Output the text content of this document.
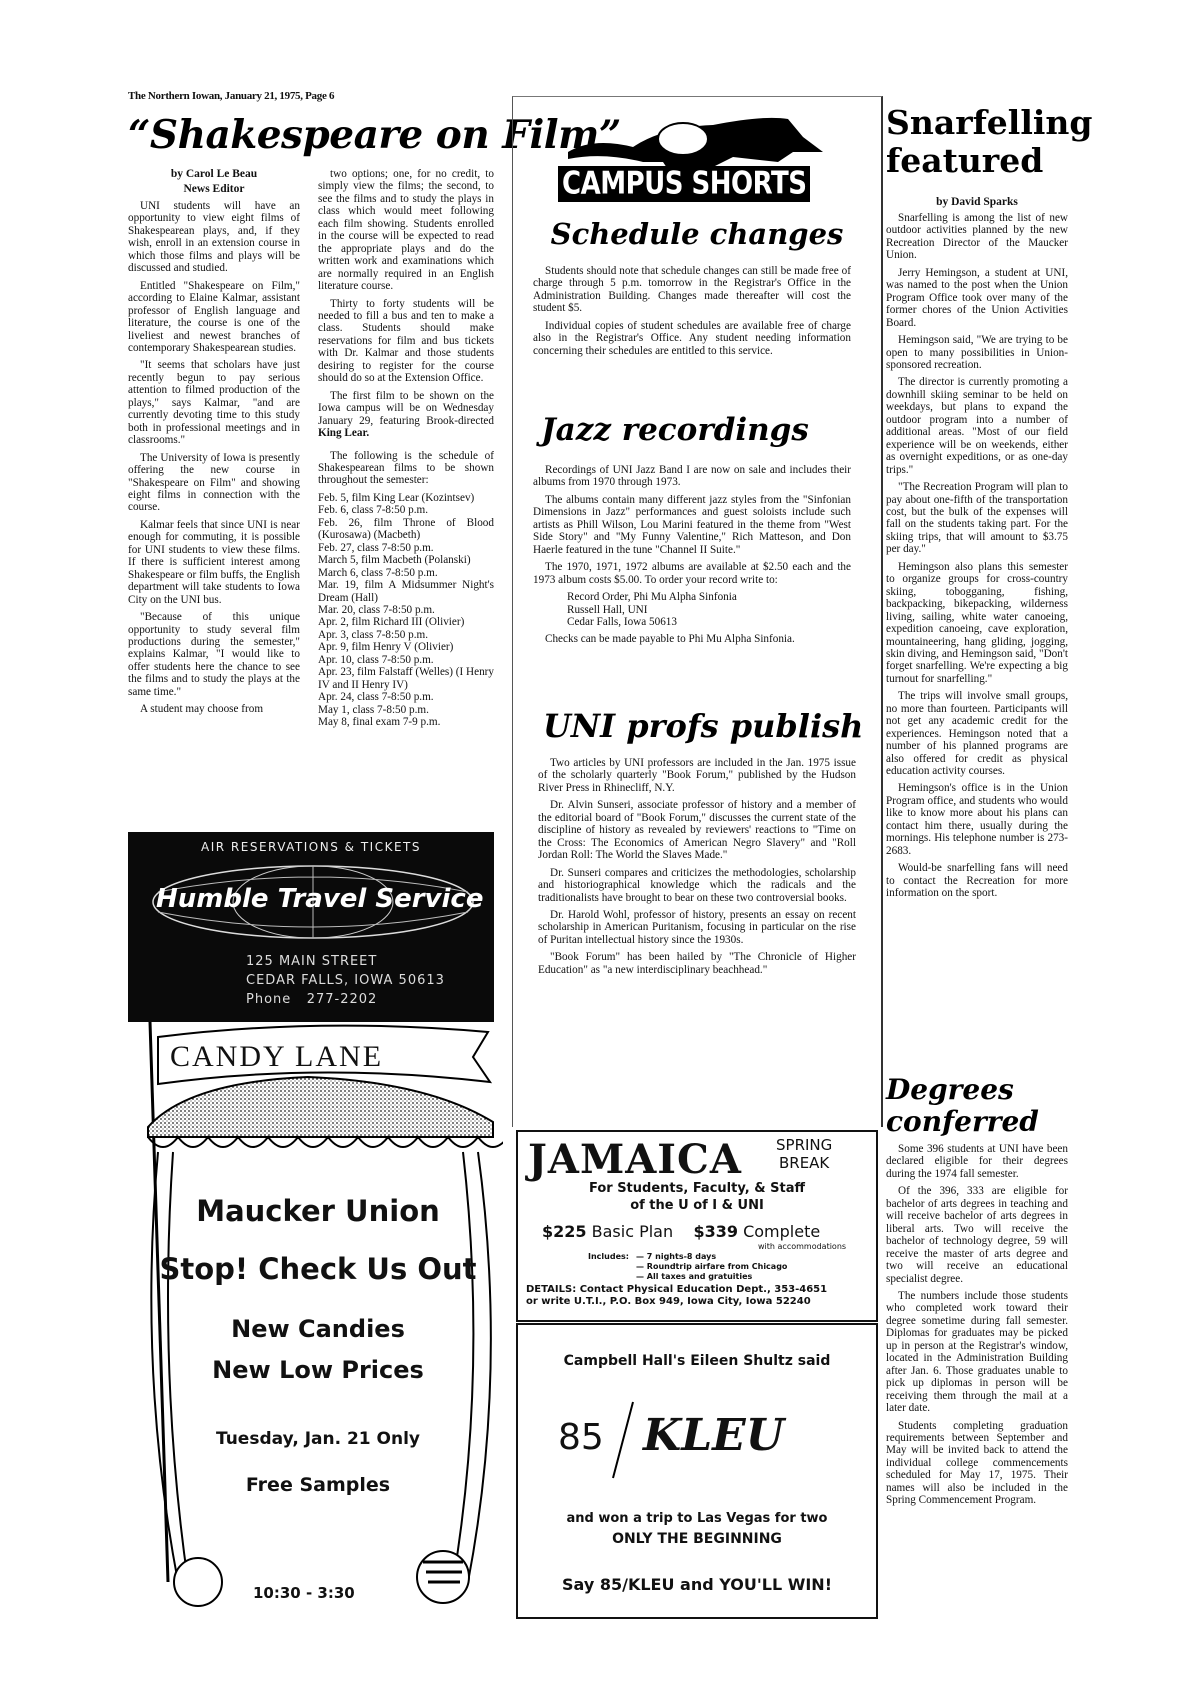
The Northern Iowan, January 21, 1975, Page 6
“Shakespeare on Film”
by Carol Le Beau
News Editor

UNI students will have an opportunity to view eight films of Shakespearean plays, and, if they wish, enroll in an extension course in which those films and plays will be discussed and studied.

Entitled "Shakespeare on Film," according to Elaine Kalmar, assistant professor of English language and literature, the course is one of the liveliest and newest branches of contemporary Shakespearean studies.

"It seems that scholars have just recently begun to pay serious attention to filmed production of the plays," says Kalmar, "and are currently devoting time to this study both in professional meetings and in classrooms."

The University of Iowa is presently offering the new course in "Shakespeare on Film" and showing eight films in connection with the course.

Kalmar feels that since UNI is near enough for commuting, it is possible for UNI students to view these films. If there is sufficient interest among Shakespeare or film buffs, the English department will take students to Iowa City on the UNI bus.

"Because of this unique opportunity to study several film productions during the semester," explains Kalmar, "I would like to offer students here the chance to see the films and to study the plays at the same time."

A student may choose from

two options; one, for no credit, to simply view the films; the second, to see the films and to study the plays in class which would meet following each film showing. Students enrolled in the course will be expected to read the appropriate plays and do the written work and examinations which are normally required in an English literature course.

Thirty to forty students will be needed to fill a bus and ten to make a class. Students should make reservations for film and bus tickets with Dr. Kalmar and those students desiring to register for the course should do so at the Extension Office.

The first film to be shown on the Iowa campus will be on Wednesday January 29, featuring Brook-directed King Lear.

The following is the schedule of Shakespearean films to be shown throughout the semester:

Feb. 5, film King Lear (Kozintsev)

Feb. 6, class 7-8:50 p.m.

Feb. 26, film Throne of Blood (Kurosawa) (Macbeth)

Feb. 27, class 7-8:50 p.m.

March 5, film Macbeth (Polanski)

March 6, class 7-8:50 p.m.

Mar. 19, film A Midsummer Night's Dream (Hall)

Mar. 20, class 7-8:50 p.m.

Apr. 2, film Richard III (Olivier)

Apr. 3, class 7-8:50 p.m.

Apr. 9, film Henry V (Olivier)

Apr. 10, class 7-8:50 p.m.

Apr. 23, film Falstaff (Welles) (I Henry IV and II Henry IV)

Apr. 24, class 7-8:50 p.m.

May 1, class 7-8:50 p.m.

May 8, final exam 7-9 p.m.

AIR RESERVATIONS & TICKETS
Humble Travel Service
125 MAIN STREET
CEDAR FALLS, IOWA 50613
Phone 277-2202
CANDY LANE
Maucker Union
Stop! Check Us Out
New Candies
New Low Prices
Tuesday, Jan. 21 Only
Free Samples
10:30 - 3:30
CAMPUS SHORTS
Schedule changes

Students should note that schedule changes can still be made free of charge through 5 p.m. tomorrow in the Registrar's Office in the Administration Building. Changes made thereafter will cost the student $5.

Individual copies of student schedules are available free of charge also in the Registrar's Office. Any student needing information concerning their schedules are entitled to this service.

Jazz recordings

Recordings of UNI Jazz Band I are now on sale and includes their albums from 1970 through 1973.

The albums contain many different jazz styles from the "Sinfonian Dimensions in Jazz" performances and guest soloists include such artists as Phill Wilson, Lou Marini featured in the theme from "West Side Story" and "My Funny Valentine," Rich Matteson, and Don Haerle featured in the tune "Channel II Suite."

The 1970, 1971, 1972 albums are available at $2.50 each and the 1973 album costs $5.00. To order your record write to:

Record Order, Phi Mu Alpha Sinfonia

Russell Hall, UNI

Cedar Falls, Iowa 50613

Checks can be made payable to Phi Mu Alpha Sinfonia.

UNI profs publish

Two articles by UNI professors are included in the Jan. 1975 issue of the scholarly quarterly "Book Forum," published by the Hudson River Press in Rhinecliff, N.Y.

Dr. Alvin Sunseri, associate professor of history and a member of the editorial board of "Book Forum," discusses the current state of the discipline of history as revealed by reviewers' reactions to "Time on the Cross: The Economics of American Negro Slavery" and "Roll Jordan Roll: The World the Slaves Made."

Dr. Sunseri compares and criticizes the methodologies, scholarship and historiographical knowledge which the radicals and the traditionalists have brought to bear on these two controversial books.

Dr. Harold Wohl, professor of history, presents an essay on recent scholarship in American Puritanism, focusing in particular on the rise of Puritan intellectual history since the 1930s.

"Book Forum" has been hailed by "The Chronicle of Higher Education" as "a new interdisciplinary beachhead."

JAMAICA SPRING
BREAK
For Students, Faculty, & Staff
of the U of I & UNI
$225 Basic Plan $339 Complete
with accommodations
Includes: — 7 nights-8 days
— Roundtrip airfare from Chicago
— All taxes and gratuities
DETAILS: Contact Physical Education Dept., 353-4651
or write U.T.I., P.O. Box 949, Iowa City, Iowa 52240
Campbell Hall's Eileen Shultz said
85 KLEU
and won a trip to Las Vegas for two
ONLY THE BEGINNING
Say 85/KLEU and YOU'LL WIN!
Snarfelling
featured
by David Sparks

Snarfelling is among the list of new outdoor activities planned by the new Recreation Director of the Maucker Union.

Jerry Hemingson, a student at UNI, was named to the post when the Union Program Office took over many of the former chores of the Union Activities Board.

Hemingson said, "We are trying to be open to many possibilities in Union-sponsored recreation.

The director is currently promoting a downhill skiing seminar to be held on weekdays, but plans to expand the outdoor program into a number of additional areas. "Most of our field experience will be on weekends, either as overnight expeditions, or as one-day trips."

"The Recreation Program will plan to pay about one-fifth of the transportation cost, but the bulk of the expenses will fall on the students taking part. For the skiing trips, that will amount to $3.75 per day."

Hemingson also plans this semester to organize groups for cross-country skiing, tobogganing, fishing, backpacking, bikepacking, wilderness living, sailing, white water canoeing, expedition canoeing, cave exploration, mountaineering, hang gliding, jogging, skin diving, and Hemingson said, "Don't forget snarfelling. We're expecting a big turnout for snarfelling."

The trips will involve small groups, no more than fourteen. Participants will not get any academic credit for the experiences. Hemingson noted that a number of his planned programs are also offered for credit as physical education activity courses.

Hemingson's office is in the Union Program office, and students who would like to know more about his plans can contact him there, usually during the mornings. His telephone number is 273-2683.

Would-be snarfelling fans will need to contact the Recreation for more information on the sport.

Degrees
conferred

Some 396 students at UNI have been declared eligible for their degrees during the 1974 fall semester.

Of the 396, 333 are eligible for bachelor of arts degrees in teaching and will receive bachelor of arts degrees in liberal arts. Two will receive the bachelor of technology degree, 59 will receive the master of arts degree and two will receive an educational specialist degree.

The numbers include those students who completed work toward their degree sometime during fall semester. Diplomas for graduates may be picked up in person at the Registrar's window, located in the Administration Building after Jan. 6. Those graduates unable to pick up diplomas in person will be receiving them through the mail at a later date.

Students completing graduation requirements between September and May will be invited back to attend the individual college commencements scheduled for May 17, 1975. Their names will also be included in the Spring Commencement Program.
